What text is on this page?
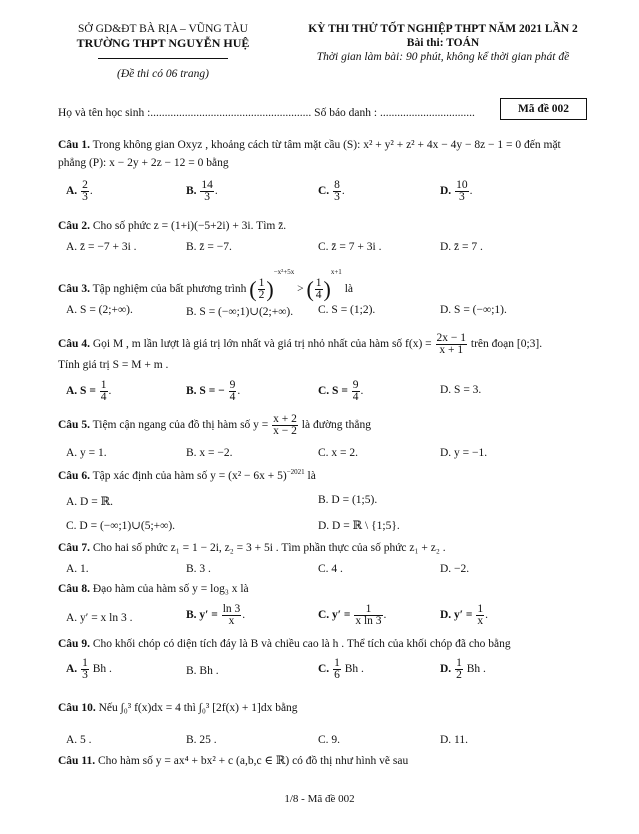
SỞ GD&ĐT BÀ RỊA – VŨNG TÀU
TRƯỜNG THPT NGUYỄN HUỆ
(Đề thi có 06 trang)
KỲ THI THỬ TỐT NGHIỆP THPT NĂM 2021 LẦN 2
Bài thi: TOÁN
Thời gian làm bài: 90 phút, không kể thời gian phát đề
Họ và tên học sinh :........................................................ Số báo danh : .................................	Mã đề 002
Câu 1. Trong không gian Oxyz , khoảng cách từ tâm mặt cầu (S): x² + y² + z² + 4x − 4y − 8z − 1 = 0 đến mặt
phẳng (P): x − 2y + 2z − 12 = 0 bằng
A. $\frac{2}{3}$ .	B. $\frac{14}{3}$ .	C. $\frac{8}{3}$ .	D. $\frac{10}{3}$ .
Câu 2. Cho số phức z = (1+i)(−5+2i) + 3i. Tìm z̄.
A. z̄ = −7 + 3i .	B. z̄ = −7.	C. z̄ = 7 + 3i .	D. z̄ = 7 .
Câu 3. Tập nghiệm của bất phương trình ( $\frac{1}{2} )^{-x^2+5x}$ > ( $\frac{1}{4} )^{x+1}$ là
A. S = (2;+∞).	B. S = (−∞;1)∪(2;+∞). C. S = (1;2).	D. S = (−∞;1).
Câu 4. Gọi M , m lần lượt là giá trị lớn nhất và giá trị nhỏ nhất của hàm số $f(x) = \frac{2x - 1}{x + 1}$ trên đoạn [0;3].
Tính giá trị S = M + m .
A. $S = \frac{1}{4}$ .	B. S = − $\frac{9}{4}$ .	C. $S = \frac{9}{4}$ .	D. S = 3.
Câu 5. Tiệm cận ngang của đồ thị hàm số $y = \frac{x + 2}{x - 2}$ là đường thẳng
A. y = 1.	B. x = −2.	C. x = 2.	D. y = −1.
Câu 6. Tập xác định của hàm số $y = (x^2 - 6x + 5)^{-2021}$ là
A. D = ℝ.	B. D = (1;5).
C. D = (−∞;1)∪(5;+∞).	D. D = ℝ \ {1;5}.
Câu 7. Cho hai số phức z₁ = 1 − 2i, z₂ = 3 + 5i . Tìm phần thực của số phức z₁ + z₂ .
A. 1.	B. 3 .	C. 4 .	D. −2.
Câu 8. Đạo hàm của hàm số y = log₃ x là
A. y′ = x ln 3 .	B. $y' = \frac{\ln 3}{x}$ .	C. $y' = \frac{1}{\text{x ln 3}}$ .	D. $y' = \frac{1}{x}$ .
Câu 9. Cho khối chóp có diện tích đáy là B và chiều cao là h . Thể tích của khối chóp đã cho bằng
A. $\frac{1}{3}$ Bh .	B. Bh .	C. $\frac{1}{6}$ Bh .	D. $\frac{1}{2}$ Bh .
Câu 10. Nếu ∫₀³ f(x)dx = 4 thì ∫₀³ [2f(x) + 1]dx bằng
A. 5 .	B. 25 .	C. 9.	D. 11.
Câu 11. Cho hàm số y = ax⁴ + bx² + c (a,b,c ∈ ℝ) có đồ thị như hình vẽ sau
1/8 - Mã đề 002
